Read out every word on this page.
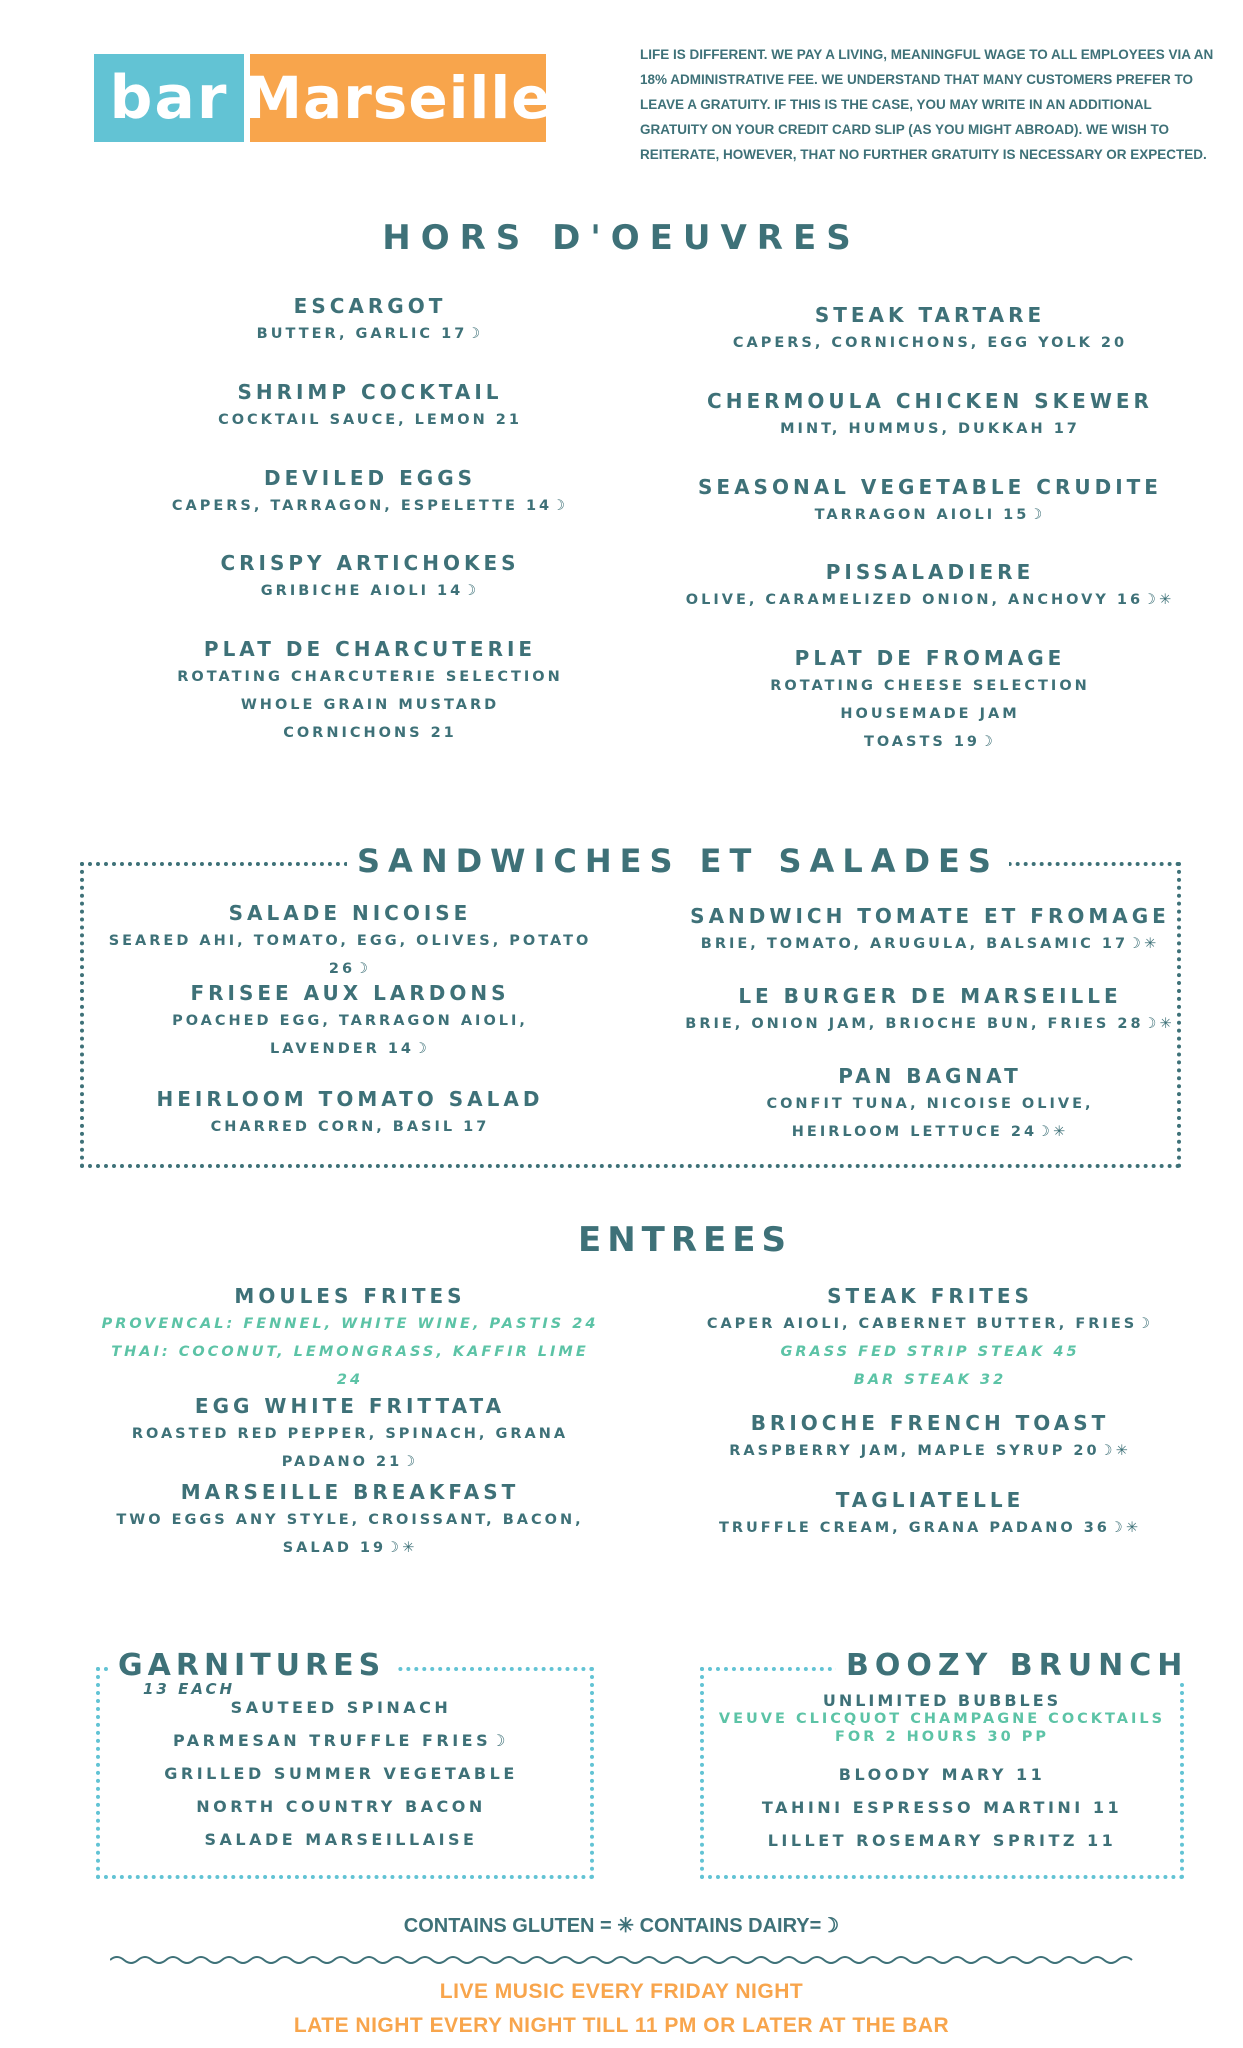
bar Marseille
LIFE IS DIFFERENT. WE PAY A LIVING, MEANINGFUL WAGE TO ALL EMPLOYEES VIA AN 18% ADMINISTRATIVE FEE. WE UNDERSTAND THAT MANY CUSTOMERS PREFER TO LEAVE A GRATUITY. IF THIS IS THE CASE, YOU MAY WRITE IN AN ADDITIONAL GRATUITY ON YOUR CREDIT CARD SLIP (AS YOU MIGHT ABROAD). WE WISH TO REITERATE, HOWEVER, THAT NO FURTHER GRATUITY IS NECESSARY OR EXPECTED.
HORS D'OEUVRES
ESCARGOT
BUTTER, GARLIC 17☽
SHRIMP COCKTAIL
COCKTAIL SAUCE, LEMON 21
DEVILED EGGS
CAPERS, TARRAGON, ESPELETTE 14☽
CRISPY ARTICHOKES
GRIBICHE AIOLI 14☽
PLAT DE CHARCUTERIE
ROTATING CHARCUTERIE SELECTION
WHOLE GRAIN MUSTARD
CORNICHONS 21
STEAK TARTARE
CAPERS, CORNICHONS, EGG YOLK 20
CHERMOULA CHICKEN SKEWER
MINT, HUMMUS, DUKKAH 17
SEASONAL VEGETABLE CRUDITE
TARRAGON AIOLI 15☽
PISSALADIERE
OLIVE, CARAMELIZED ONION, ANCHOVY 16☽✳
PLAT DE FROMAGE
ROTATING CHEESE SELECTION
HOUSEMADE JAM
TOASTS 19☽
SANDWICHES ET SALADES
SALADE NICOISE
SEARED AHI, TOMATO, EGG, OLIVES, POTATO 26☽
FRISEE AUX LARDONS
POACHED EGG, TARRAGON AIOLI,
LAVENDER 14☽
HEIRLOOM TOMATO SALAD
CHARRED CORN, BASIL 17
SANDWICH TOMATE ET FROMAGE
BRIE, TOMATO, ARUGULA, BALSAMIC 17☽✳
LE BURGER DE MARSEILLE
BRIE, ONION JAM, BRIOCHE BUN, FRIES 28☽✳
PAN BAGNAT
CONFIT TUNA, NICOISE OLIVE,
HEIRLOOM LETTUCE 24☽✳
ENTREES
MOULES FRITES
PROVENCAL: FENNEL, WHITE WINE, PASTIS 24
THAI: COCONUT, LEMONGRASS, KAFFIR LIME 24
EGG WHITE FRITTATA
ROASTED RED PEPPER, SPINACH, GRANA PADANO 21☽
MARSEILLE BREAKFAST
TWO EGGS ANY STYLE, CROISSANT, BACON, SALAD 19☽✳
STEAK FRITES
CAPER AIOLI, CABERNET BUTTER, FRIES☽
GRASS FED STRIP STEAK 45
BAR STEAK 32
BRIOCHE FRENCH TOAST
RASPBERRY JAM, MAPLE SYRUP 20☽✳
TAGLIATELLE
TRUFFLE CREAM, GRANA PADANO 36☽✳
GARNITURES
13 EACH
SAUTEED SPINACH
PARMESAN TRUFFLE FRIES☽
GRILLED SUMMER VEGETABLE
NORTH COUNTRY BACON
SALADE MARSEILLAISE
BOOZY BRUNCH
UNLIMITED BUBBLES
VEUVE CLICQUOT CHAMPAGNE COCKTAILS
FOR 2 HOURS 30 PP
BLOODY MARY 11
TAHINI ESPRESSO MARTINI 11
LILLET ROSEMARY SPRITZ 11
CONTAINS GLUTEN = ✳ CONTAINS DAIRY=☽
LIVE MUSIC EVERY FRIDAY NIGHT
LATE NIGHT EVERY NIGHT TILL 11 PM OR LATER AT THE BAR
